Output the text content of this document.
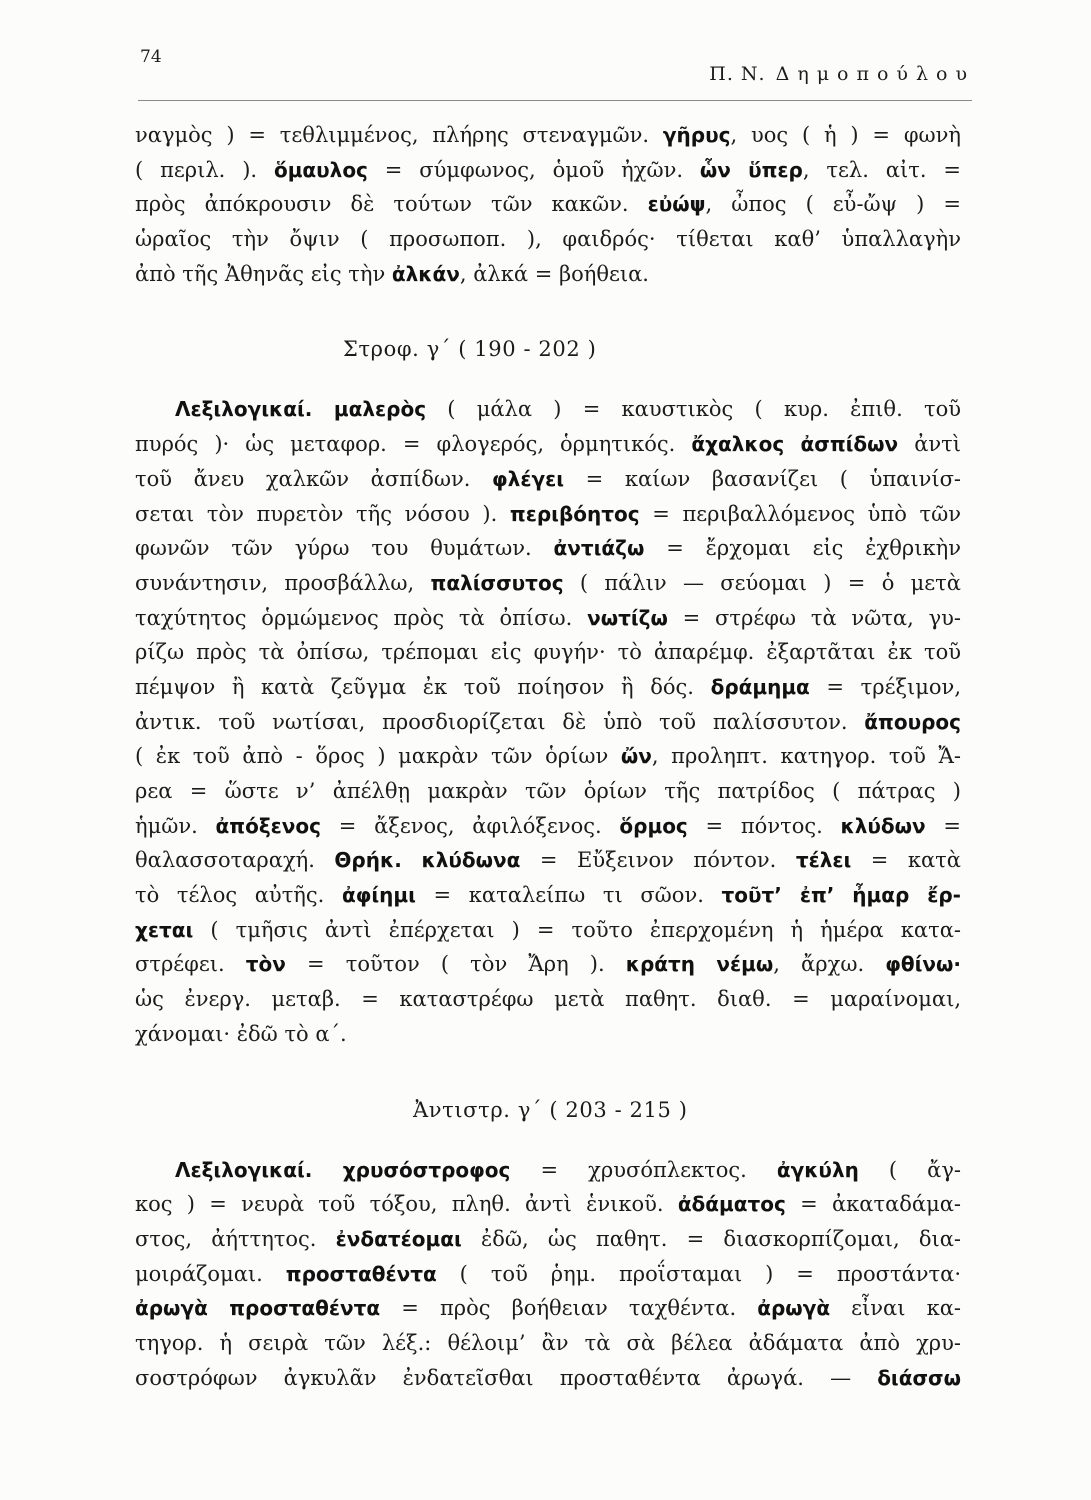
74
Π. Ν. Δημοπούλου
ναγμὸς ) = τεθλιμμένος, πλήρης στεναγμῶν. γῆρυς, υος ( ἡ ) = φωνὴ
( περιλ. ). ὅμαυλος = σύμφωνος, ὁμοῦ ἠχῶν. ὧν ὕπερ, τελ. αἰτ. =
πρὸς ἀπόκρουσιν δὲ τούτων τῶν κακῶν. εὐώψ, ὦπος ( εὖ-ὤψ ) =
ὡραῖος τὴν ὄψιν ( προσωποπ. ), φαιδρός· τίθεται καθ’ ὑπαλλαγὴν
ἀπὸ τῆς Ἀθηνᾶς εἰς τὴν ἀλκάν, ἀλκά = βοήθεια.
Στροφ. γ΄ ( 190 - 202 )
Λεξιλογικαί. μαλερὸς ( μάλα ) = καυστικὸς ( κυρ. ἐπιθ. τοῦ
πυρός )· ὡς μεταφορ. = φλογερός, ὁρμητικός. ἄχαλκος ἀσπίδων ἀντὶ
τοῦ ἄνευ χαλκῶν ἀσπίδων. φλέγει = καίων βασανίζει ( ὑπαινίσ-
σεται τὸν πυρετὸν τῆς νόσου ). περιβόητος = περιβαλλόμενος ὑπὸ τῶν
φωνῶν τῶν γύρω του θυμάτων. ἀντιάζω = ἔρχομαι εἰς ἐχθρικὴν
συνάντησιν, προσβάλλω, παλίσσυτος ( πάλιν — σεύομαι ) = ὁ μετὰ
ταχύτητος ὁρμώμενος πρὸς τὰ ὀπίσω. νωτίζω = στρέφω τὰ νῶτα, γυ-
ρίζω πρὸς τὰ ὀπίσω, τρέπομαι εἰς φυγήν· τὸ ἀπαρέμφ. ἐξαρτᾶται ἐκ τοῦ
πέμψον ἢ κατὰ ζεῦγμα ἐκ τοῦ ποίησον ἢ δός. δράμημα = τρέξιμον,
ἀντικ. τοῦ νωτίσαι, προσδιορίζεται δὲ ὑπὸ τοῦ παλίσσυτον. ἄπουρος
( ἐκ τοῦ ἀπὸ - ὅρος ) μακρὰν τῶν ὁρίων ὤν, προληπτ. κατηγορ. τοῦ Ἄ-
ρεα = ὥστε ν’ ἀπέλθῃ μακρὰν τῶν ὁρίων τῆς πατρίδος ( πάτρας )
ἡμῶν. ἀπόξενος = ἄξενος, ἀφιλόξενος. ὅρμος = πόντος. κλύδων =
θαλασσοταραχή. Θρήκ. κλύδωνα = Εὔξεινον πόντον. τέλει = κατὰ
τὸ τέλος αὐτῆς. ἀφίημι = καταλείπω τι σῶον. τοῦτ’ ἐπ’ ἦμαρ ἔρ-
χεται ( τμῆσις ἀντὶ ἐπέρχεται ) = τοῦτο ἐπερχομένη ἡ ἡμέρα κατα-
στρέφει. τὸν = τοῦτον ( τὸν Ἄρη ). κράτη νέμω, ἄρχω. φθίνω·
ὡς ἐνεργ. μεταβ. = καταστρέφω μετὰ παθητ. διαθ. = μαραίνομαι,
χάνομαι· ἐδῶ τὸ α΄.
Ἀντιστρ. γ΄ ( 203 - 215 )
Λεξιλογικαί. χρυσόστροφος = χρυσόπλεκτος. ἀγκύλη ( ἄγ-
κος ) = νευρὰ τοῦ τόξου, πληθ. ἀντὶ ἑνικοῦ. ἀδάματος = ἀκαταδάμα-
στος, ἀήττητος. ἐνδατέομαι ἐδῶ, ὡς παθητ. = διασκορπίζομαι, δια-
μοιράζομαι. προσταθέντα ( τοῦ ῥημ. προΐσταμαι ) = προστάντα·
ἀρωγὰ προσταθέντα = πρὸς βοήθειαν ταχθέντα. ἀρωγὰ εἶναι κα-
τηγορ. ἡ σειρὰ τῶν λέξ.: θέλοιμ’ ἂν τὰ σὰ βέλεα ἀδάματα ἀπὸ χρυ-
σοστρόφων ἀγκυλᾶν ἐνδατεῖσθαι προσταθέντα ἀρωγά. — διάσσω
